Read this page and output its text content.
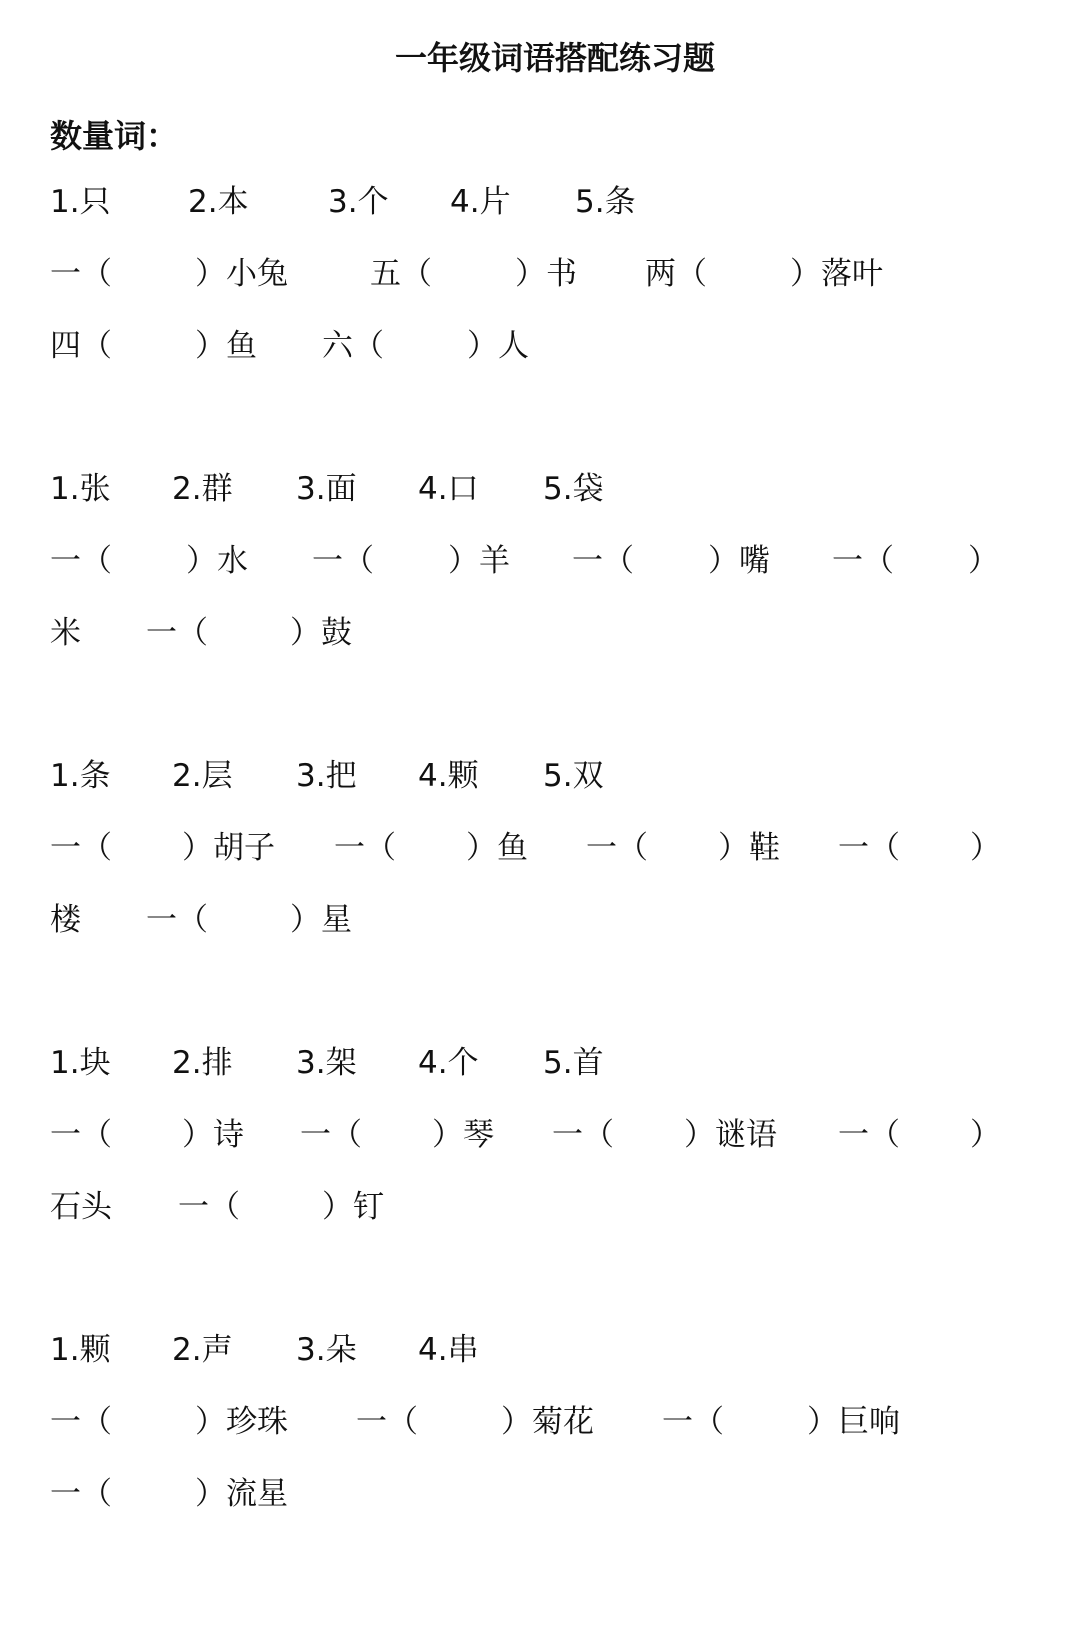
一年级词语搭配练习题
数量词：
1.只 2.本	3.个 4.片 5.条
一（	）小兔	五（	）书 两（	）落叶
四（	）鱼 六（	）人
1.张 2.群 3.面 4.口 5.袋
一（ ）水 一（ ）羊 一（ ）嘴 一（ ）
米 一（	）鼓
1.条 2.层 3.把 4.颗 5.双
一（ ）胡子 一（ ）鱼 一（ ）鞋 一（ ）
楼 一（	）星
1.块 2.排 3.架 4.个 5.首
一（ ）诗 一（ ）琴 一（ ）谜语 一（ ）
石头 一（	）钉
1.颗 2.声 3.朵 4.串
一（	）珍珠 一（	）菊花 一（	）巨响
一（	）流星
